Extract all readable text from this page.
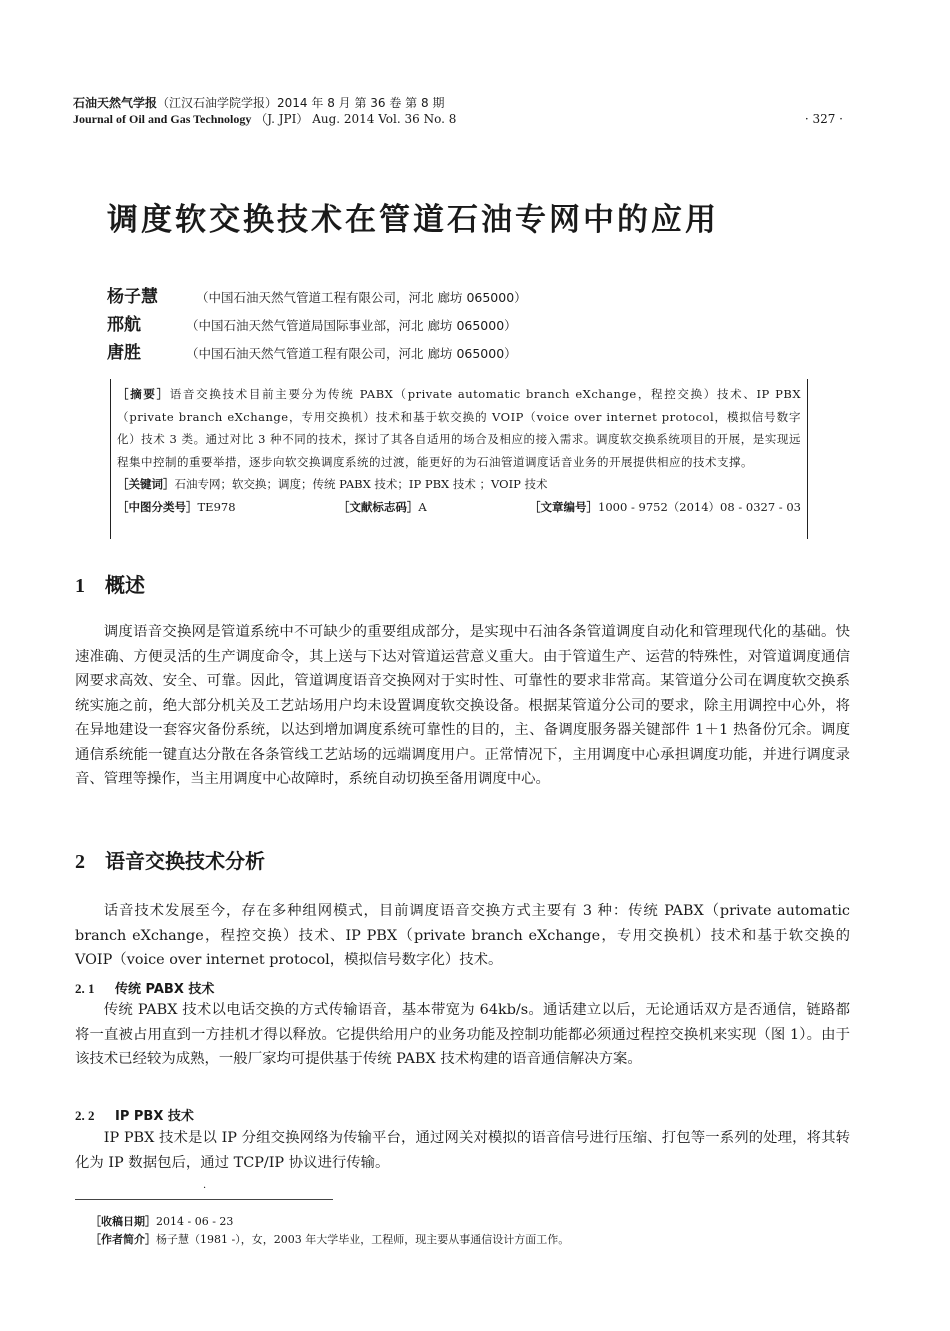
石油天然气学报（江汉石油学院学报）2014 年 8 月 第 36 卷 第 8 期
Journal of Oil and Gas Technology （J. JPI） Aug. 2014 Vol. 36 No. 8	· 327 ·
调度软交换技术在管道石油专网中的应用
杨子慧	（中国石油天然气管道工程有限公司，河北 廊坊 065000）
邢航	（中国石油天然气管道局国际事业部，河北 廊坊 065000）
唐胜	（中国石油天然气管道工程有限公司，河北 廊坊 065000）
［摘要］语音交换技术目前主要分为传统 PABX（private automatic branch eXchange，程控交换）技术、IP PBX（private branch eXchange，专用交换机）技术和基于软交换的 VOIP（voice over internet protocol，模拟信号数字化）技术 3 类。通过对比 3 种不同的技术，探讨了其各自适用的场合及相应的接入需求。调度软交换系统项目的开展，是实现远程集中控制的重要举措，逐步向软交换调度系统的过渡，能更好的为石油管道调度话音业务的开展提供相应的技术支撑。
［关键词］石油专网；软交换；调度；传统 PABX 技术；IP PBX 技术 ；VOIP 技术
［中图分类号］TE978	［文献标志码］A	［文章编号］1000 - 9752（2014）08 - 0327 - 03
1 概述
调度语音交换网是管道系统中不可缺少的重要组成部分，是实现中石油各条管道调度自动化和管理现代化的基础。快速准确、方便灵活的生产调度命令，其上送与下达对管道运营意义重大。由于管道生产、运营的特殊性，对管道调度通信网要求高效、安全、可靠。因此，管道调度语音交换网对于实时性、可靠性的要求非常高。某管道分公司在调度软交换系统实施之前，绝大部分机关及工艺站场用户均未设置调度软交换设备。根据某管道分公司的要求，除主用调控中心外，将在异地建设一套容灾备份系统，以达到增加调度系统可靠性的目的，主、备调度服务器关键部件 1＋1 热备份冗余。调度通信系统能一键直达分散在各条管线工艺站场的远端调度用户。正常情况下，主用调度中心承担调度功能，并进行调度录音、管理等操作，当主用调度中心故障时，系统自动切换至备用调度中心。
2 语音交换技术分析
话音技术发展至今，存在多种组网模式，目前调度语音交换方式主要有 3 种：传统 PABX（private automatic branch eXchange，程控交换）技术、IP PBX（private branch eXchange，专用交换机）技术和基于软交换的 VOIP（voice over internet protocol，模拟信号数字化）技术。
2. 1 传统 PABX 技术
传统 PABX 技术以电话交换的方式传输语音，基本带宽为 64kb/s。通话建立以后，无论通话双方是否通信，链路都将一直被占用直到一方挂机才得以释放。它提供给用户的业务功能及控制功能都必须通过程控交换机来实现（图 1）。由于该技术已经较为成熟，一般厂家均可提供基于传统 PABX 技术构建的语音通信解决方案。
2. 2 IP PBX 技术
IP PBX 技术是以 IP 分组交换网络为传输平台，通过网关对模拟的语音信号进行压缩、打包等一系列的处理，将其转化为 IP 数据包后，通过 TCP/IP 协议进行传输。
·
［收稿日期］2014 - 06 - 23
［作者简介］杨子慧（1981 -），女，2003 年大学毕业，工程师，现主要从事通信设计方面工作。
